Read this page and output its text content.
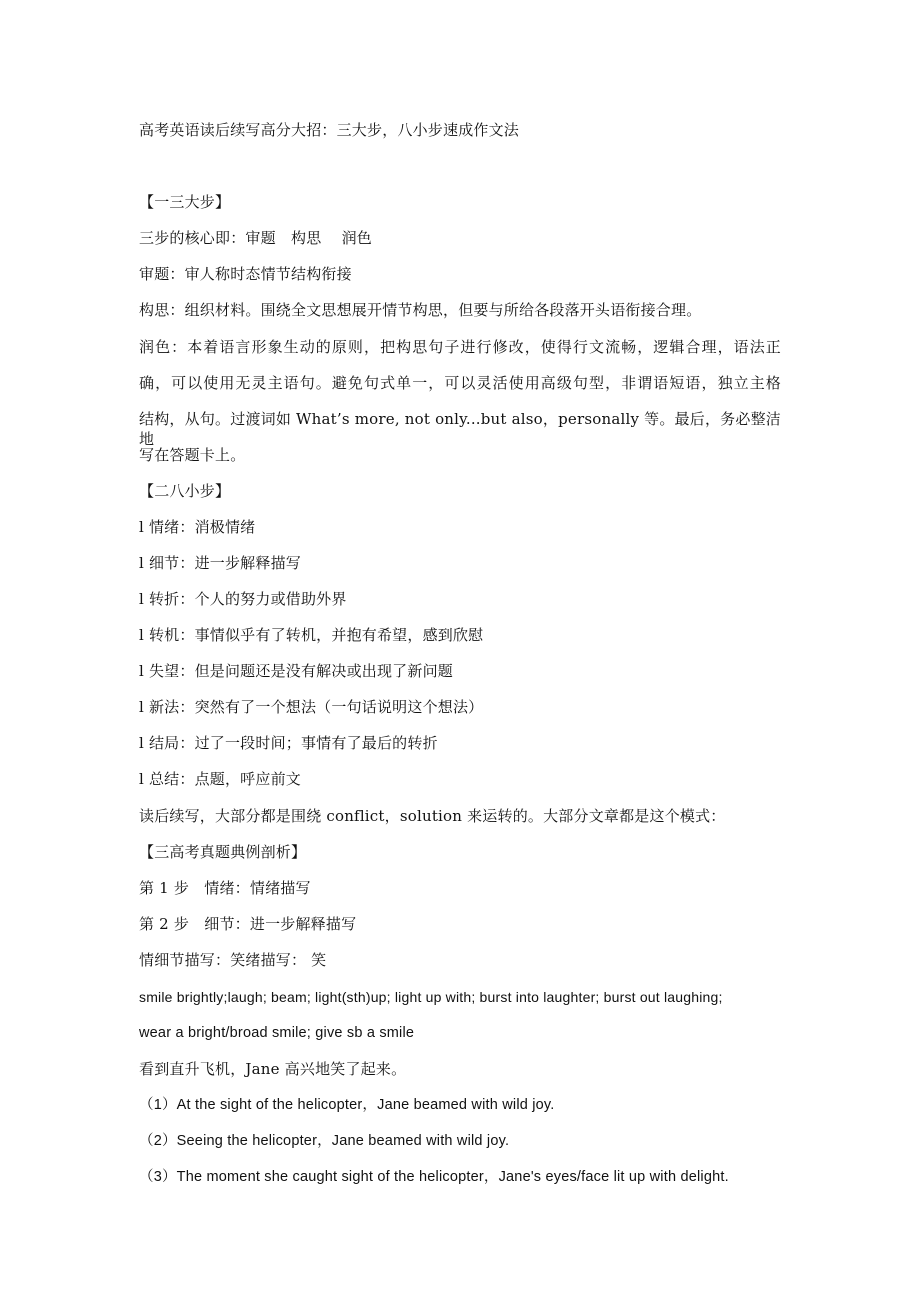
高考英语读后续写高分大招：三大步，八小步速成作文法
【一三大步】
三步的核心即：审题　构思　 润色
审题：审人称时态情节结构衔接
构思：组织材料。围绕全文思想展开情节构思，但要与所给各段落开头语衔接合理。
润色：本着语言形象生动的原则，把构思句子进行修改，使得行文流畅，逻辑合理，语法正
确，可以使用无灵主语句。避免句式单一，可以灵活使用高级句型，非谓语短语，独立主格
结构，从句。过渡词如 What’s more, not only...but also，personally 等。最后，务必整洁地
写在答题卡上。
【二八小步】
l 情绪：消极情绪
l 细节：进一步解释描写
l 转折：个人的努力或借助外界
l 转机：事情似乎有了转机，并抱有希望，感到欣慰
l 失望：但是问题还是没有解决或出现了新问题
l 新法：突然有了一个想法（一句话说明这个想法）
l 结局：过了一段时间；事情有了最后的转折
l 总结：点题，呼应前文
读后续写，大部分都是围绕 conflict，solution 来运转的。大部分文章都是这个模式：
【三高考真题典例剖析】
第 1 步　情绪：情绪描写
第 2 步　细节：进一步解释描写
情细节描写：笑绪描写： 笑
smile brightly;laugh; beam; light(sth)up; light up with; burst into laughter; burst out laughing;
wear a bright/broad smile; give sb a smile
看到直升飞机，Jane 高兴地笑了起来。
（1）At the sight of the helicopter，Jane beamed with wild joy.
（2）Seeing the helicopter，Jane beamed with wild joy.
（3）The moment she caught sight of the helicopter，Jane's eyes/face lit up with delight.
